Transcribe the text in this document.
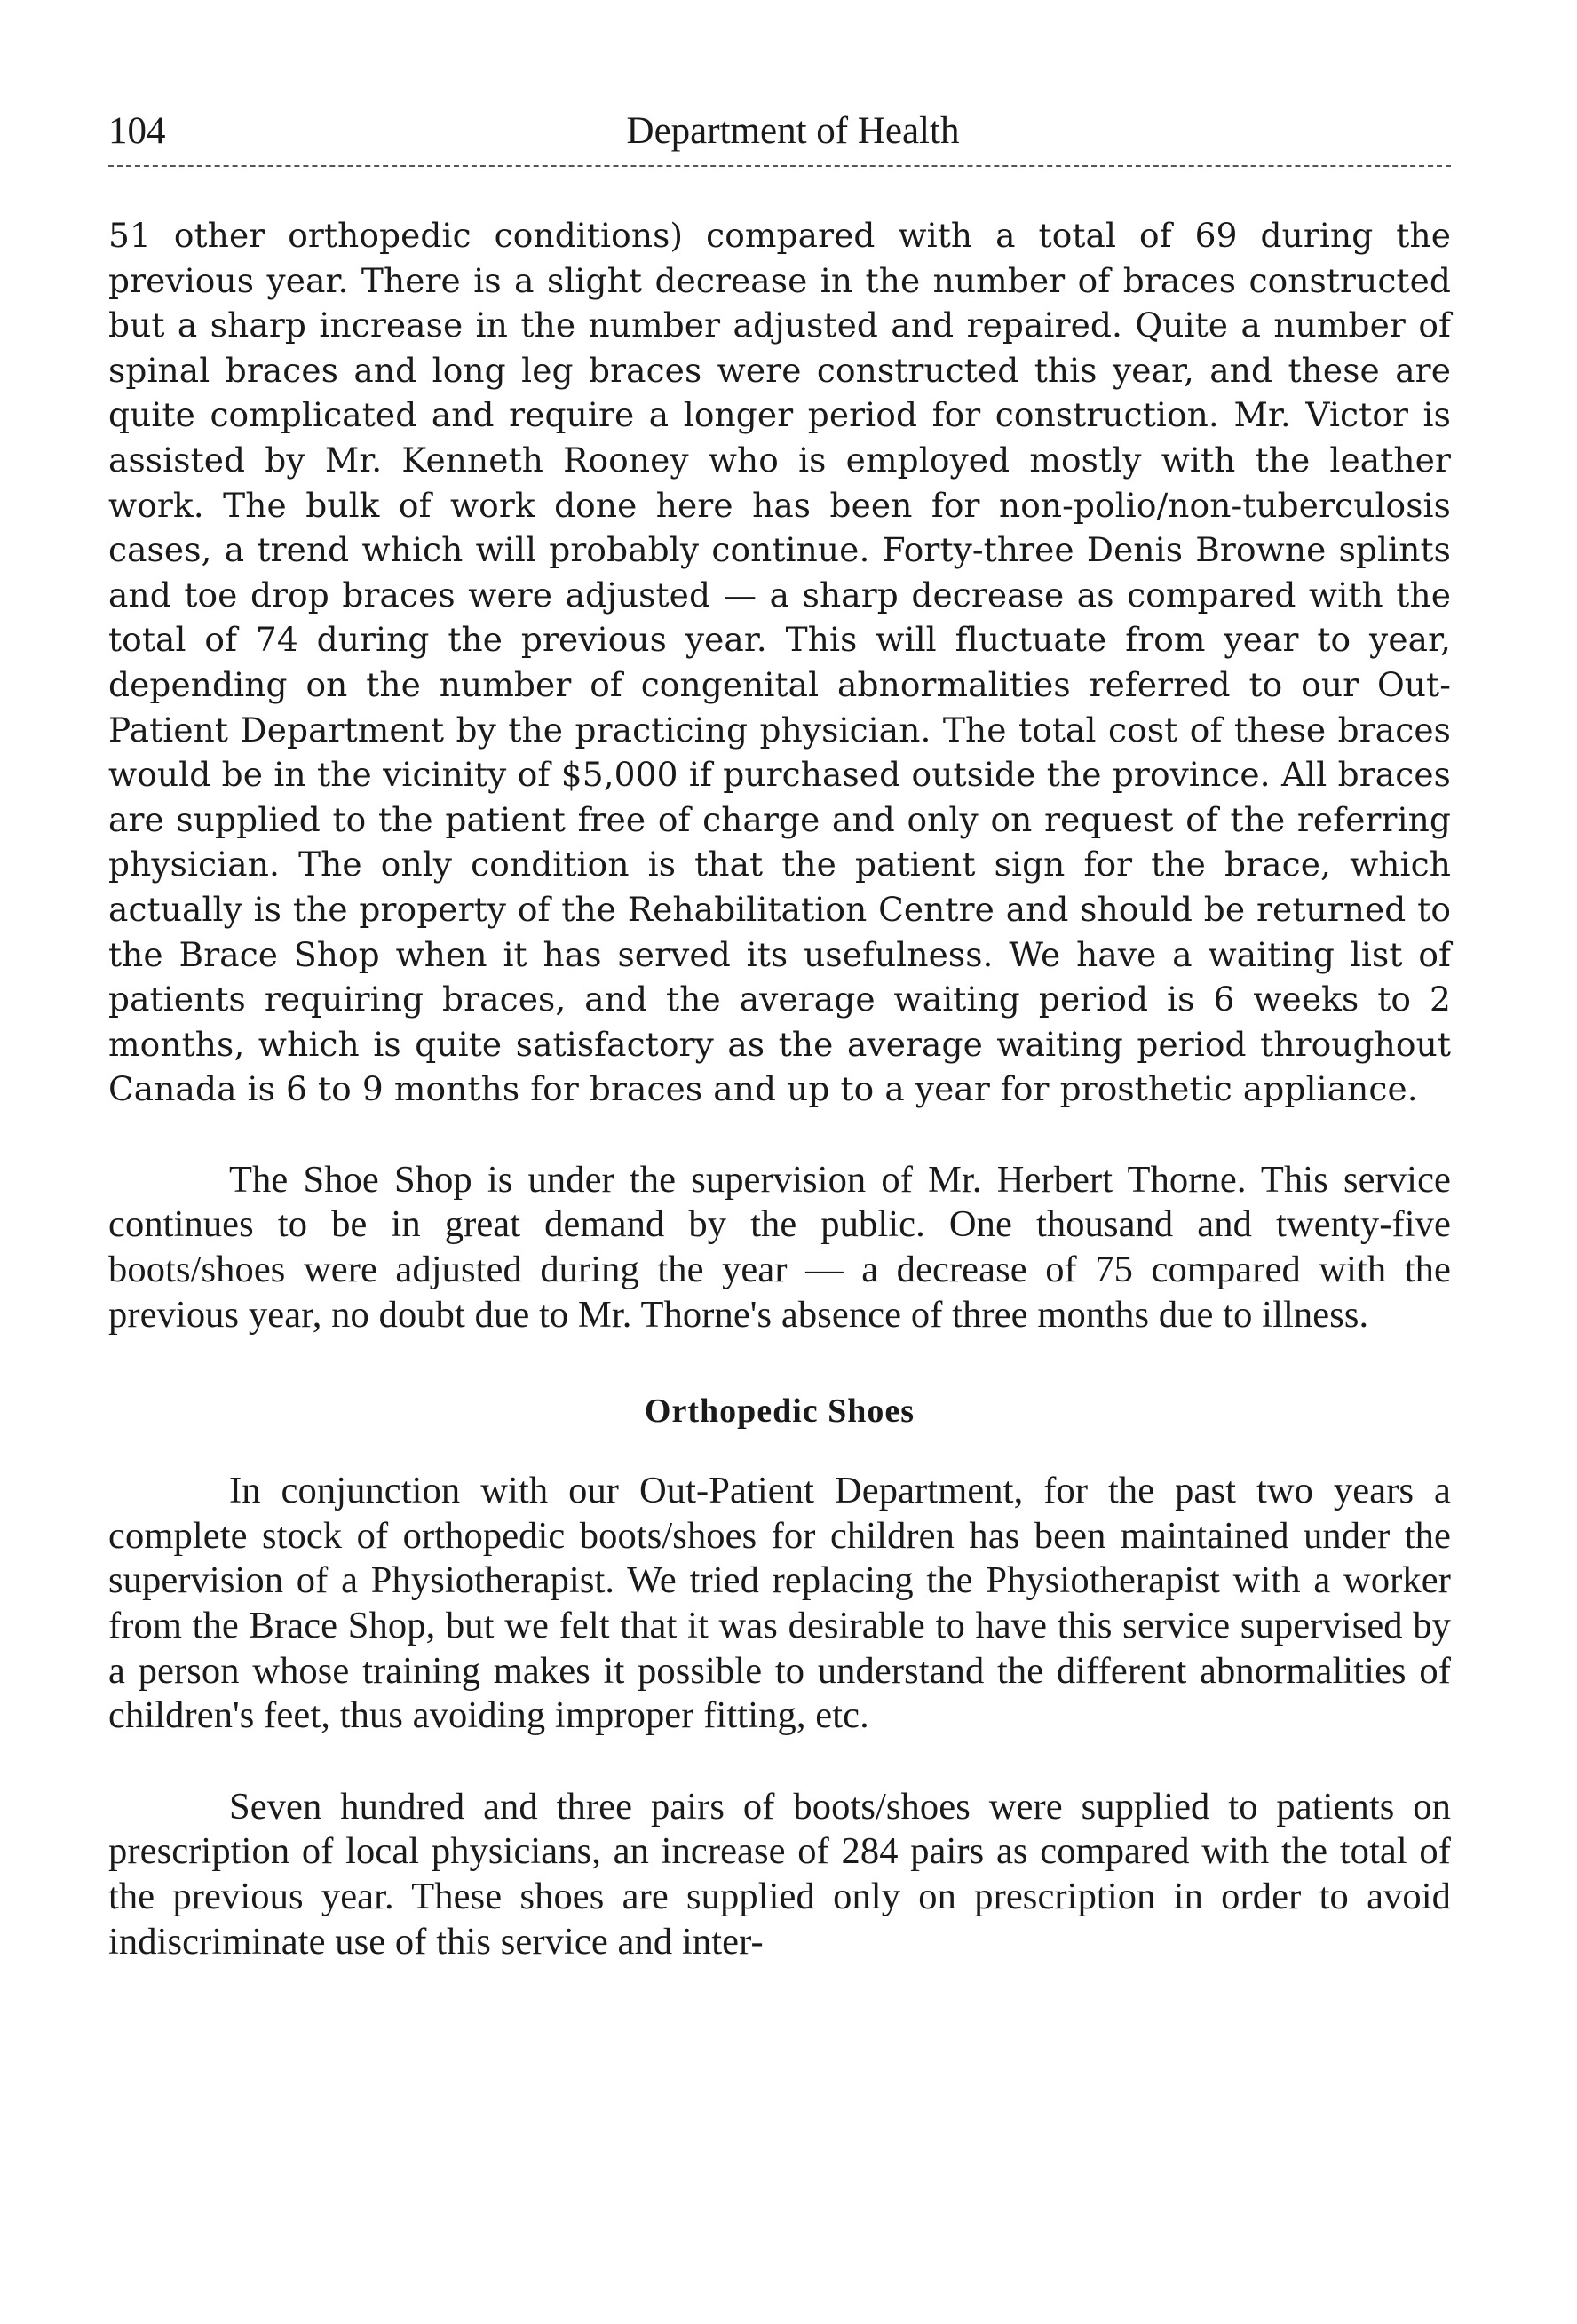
104	Department of Health

51 other orthopedic conditions) compared with a total of 69 during the previous year. There is a slight decrease in the number of braces constructed but a sharp increase in the number adjusted and repaired. Quite a number of spinal braces and long leg braces were constructed this year, and these are quite complicated and require a longer period for construction. Mr. Victor is assisted by Mr. Kenneth Rooney who is employed mostly with the leather work. The bulk of work done here has been for non-polio/non-tuberculosis cases, a trend which will probably continue. Forty-three Denis Browne splints and toe drop braces were adjusted — a sharp decrease as compared with the total of 74 during the previous year. This will fluctuate from year to year, depending on the number of congenital abnormalities referred to our Out-Patient Department by the practicing physician. The total cost of these braces would be in the vicinity of $5,000 if purchased outside the province. All braces are supplied to the patient free of charge and only on request of the referring physician. The only condition is that the patient sign for the brace, which actually is the property of the Rehabilitation Centre and should be returned to the Brace Shop when it has served its usefulness. We have a waiting list of patients requiring braces, and the average waiting period is 6 weeks to 2 months, which is quite satisfactory as the average waiting period throughout Canada is 6 to 9 months for braces and up to a year for prosthetic appliance.

The Shoe Shop is under the supervision of Mr. Herbert Thorne. This service continues to be in great demand by the public. One thousand and twenty-five boots/shoes were adjusted during the year — a decrease of 75 compared with the previous year, no doubt due to Mr. Thorne's absence of three months due to illness.

Orthopedic Shoes

In conjunction with our Out-Patient Department, for the past two years a complete stock of orthopedic boots/shoes for children has been maintained under the supervision of a Physiotherapist. We tried replacing the Physiotherapist with a worker from the Brace Shop, but we felt that it was desirable to have this service supervised by a person whose training makes it possible to understand the different abnormalities of children's feet, thus avoiding improper fitting, etc.

Seven hundred and three pairs of boots/shoes were supplied to patients on prescription of local physicians, an increase of 284 pairs as compared with the total of the previous year. These shoes are supplied only on prescription in order to avoid indiscriminate use of this service and inter-
